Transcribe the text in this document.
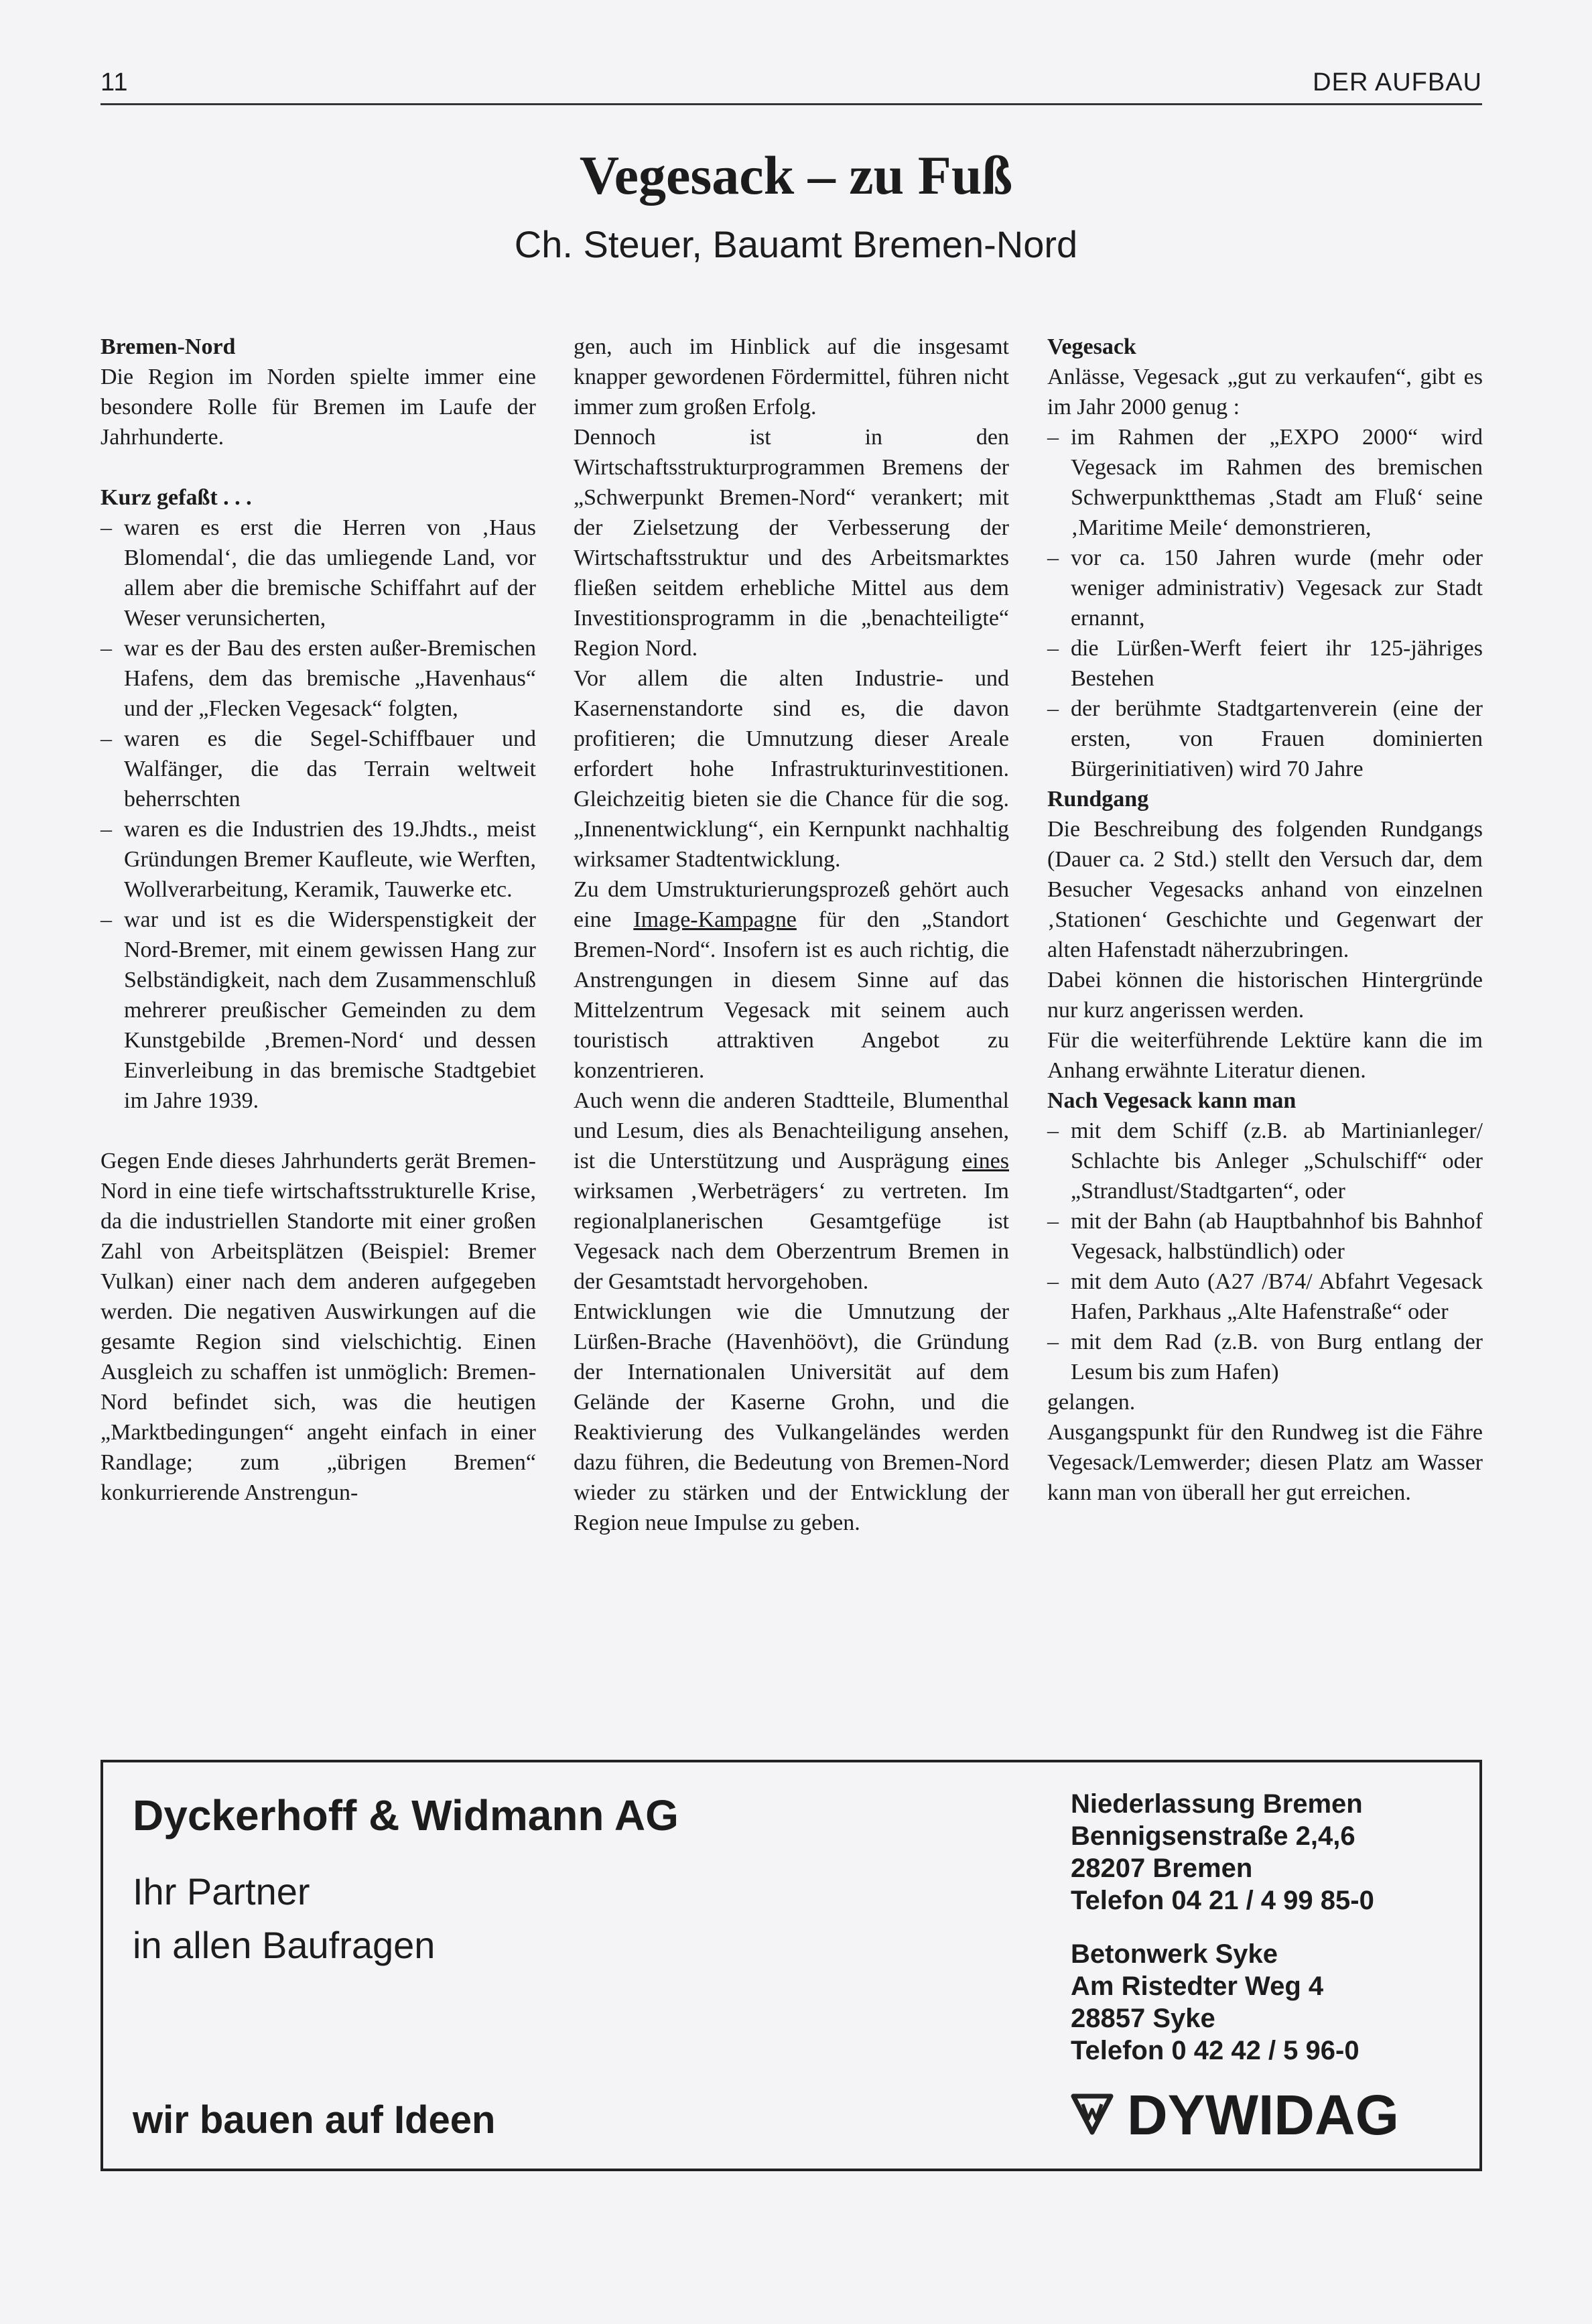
11	DER AUFBAU
Vegesack – zu Fuß
Ch. Steuer, Bauamt Bremen-Nord

Bremen-Nord

Die Region im Norden spielte immer eine besondere Rolle für Bremen im Laufe der Jahrhunderte.

Kurz gefaßt . . .

– waren es erst die Herren von ‚Haus Blomendal‘, die das umliegende Land, vor allem aber die bremische Schiffahrt auf der Weser verunsicherten,
– war es der Bau des ersten außer-Bremischen Hafens, dem das bremische „Havenhaus“ und der „Flecken Vegesack“ folgten,
– waren es die Segel-Schiffbauer und Walfänger, die das Terrain weltweit beherrschten
– waren es die Industrien des 19.Jhdts., meist Gründungen Bremer Kaufleute, wie Werften, Wollverarbeitung, Keramik, Tauwerke etc.
– war und ist es die Widerspenstigkeit der Nord-Bremer, mit einem gewissen Hang zur Selbständigkeit, nach dem Zusammenschluß mehrerer preußischer Gemeinden zu dem Kunstgebilde ‚Bremen-Nord‘ und dessen Einverleibung in das bremische Stadtgebiet im Jahre 1939.

Gegen Ende dieses Jahrhunderts gerät Bremen-Nord in eine tiefe wirtschaftsstrukturelle Krise, da die industriellen Standorte mit einer großen Zahl von Arbeitsplätzen (Beispiel: Bremer Vulkan) einer nach dem anderen aufgegeben werden. Die negativen Auswirkungen auf die gesamte Region sind vielschichtig. Einen Ausgleich zu schaffen ist unmöglich: Bremen-Nord befindet sich, was die heutigen „Marktbedingungen“ angeht einfach in einer Randlage; zum „übrigen Bremen“ konkurrierende Anstrengun-

gen, auch im Hinblick auf die insgesamt knapper gewordenen Fördermittel, führen nicht immer zum großen Erfolg.

Dennoch ist in den Wirtschaftsstrukturprogrammen Bremens der „Schwerpunkt Bremen-Nord“ verankert; mit der Zielsetzung der Verbesserung der Wirtschaftsstruktur und des Arbeitsmarktes fließen seitdem erhebliche Mittel aus dem Investitionsprogramm in die „benachteiligte“ Region Nord.

Vor allem die alten Industrie- und Kasernenstandorte sind es, die davon profitieren; die Umnutzung dieser Areale erfordert hohe Infrastrukturinvestitionen. Gleichzeitig bieten sie die Chance für die sog. „Innenentwicklung“, ein Kernpunkt nachhaltig wirksamer Stadtentwicklung.

Zu dem Umstrukturierungsprozeß gehört auch eine Image-Kampagne für den „Standort Bremen-Nord“. Insofern ist es auch richtig, die Anstrengungen in diesem Sinne auf das Mittelzentrum Vegesack mit seinem auch touristisch attraktiven Angebot zu konzentrieren.

Auch wenn die anderen Stadtteile, Blumenthal und Lesum, dies als Benachteiligung ansehen, ist die Unterstützung und Ausprägung eines wirksamen ‚Werbeträgers‘ zu vertreten. Im regionalplanerischen Gesamtgefüge ist Vegesack nach dem Oberzentrum Bremen in der Gesamtstadt hervorgehoben.

Entwicklungen wie die Umnutzung der Lürßen-Brache (Havenhöövt), die Gründung der Internationalen Universität auf dem Gelände der Kaserne Grohn, und die Reaktivierung des Vulkangeländes werden dazu führen, die Bedeutung von Bremen-Nord wieder zu stärken und der Entwicklung der Region neue Impulse zu geben.

Vegesack

Anlässe, Vegesack „gut zu verkaufen“, gibt es im Jahr 2000 genug :

– im Rahmen der „EXPO 2000“ wird Vegesack im Rahmen des bremischen Schwerpunktthemas ‚Stadt am Fluß‘ seine ‚Maritime Meile‘ demonstrieren,
– vor ca. 150 Jahren wurde (mehr oder weniger administrativ) Vegesack zur Stadt ernannt,
– die Lürßen-Werft feiert ihr 125-jähriges Bestehen
– der berühmte Stadtgartenverein (eine der ersten, von Frauen dominierten Bürgerinitiativen) wird 70 Jahre

Rundgang

Die Beschreibung des folgenden Rundgangs (Dauer ca. 2 Std.) stellt den Versuch dar, dem Besucher Vegesacks anhand von einzelnen ‚Stationen‘ Geschichte und Gegenwart der alten Hafenstadt näherzubringen.

Dabei können die historischen Hintergründe nur kurz angerissen werden.

Für die weiterführende Lektüre kann die im Anhang erwähnte Literatur dienen.

Nach Vegesack kann man

– mit dem Schiff (z.B. ab Martinianleger/ Schlachte bis Anleger „Schulschiff“ oder „Strandlust/Stadtgarten“, oder
– mit der Bahn (ab Hauptbahnhof bis Bahnhof Vegesack, halbstündlich) oder
– mit dem Auto (A27 /B74/ Abfahrt Vegesack Hafen, Parkhaus „Alte Hafenstraße“ oder
– mit dem Rad (z.B. von Burg entlang der Lesum bis zum Hafen)

gelangen.

Ausgangspunkt für den Rundweg ist die Fähre Vegesack/Lemwerder; diesen Platz am Wasser kann man von überall her gut erreichen.

Dyckerhoff & Widmann AG
Ihr Partner
in allen Baufragen
wir bauen auf Ideen
Niederlassung Bremen
Bennigsenstraße 2,4,6
28207 Bremen
Telefon 04 21 / 4 99 85-0
Betonwerk Syke
Am Ristedter Weg 4
28857 Syke
Telefon 0 42 42 / 5 96-0
DYWIDAG
